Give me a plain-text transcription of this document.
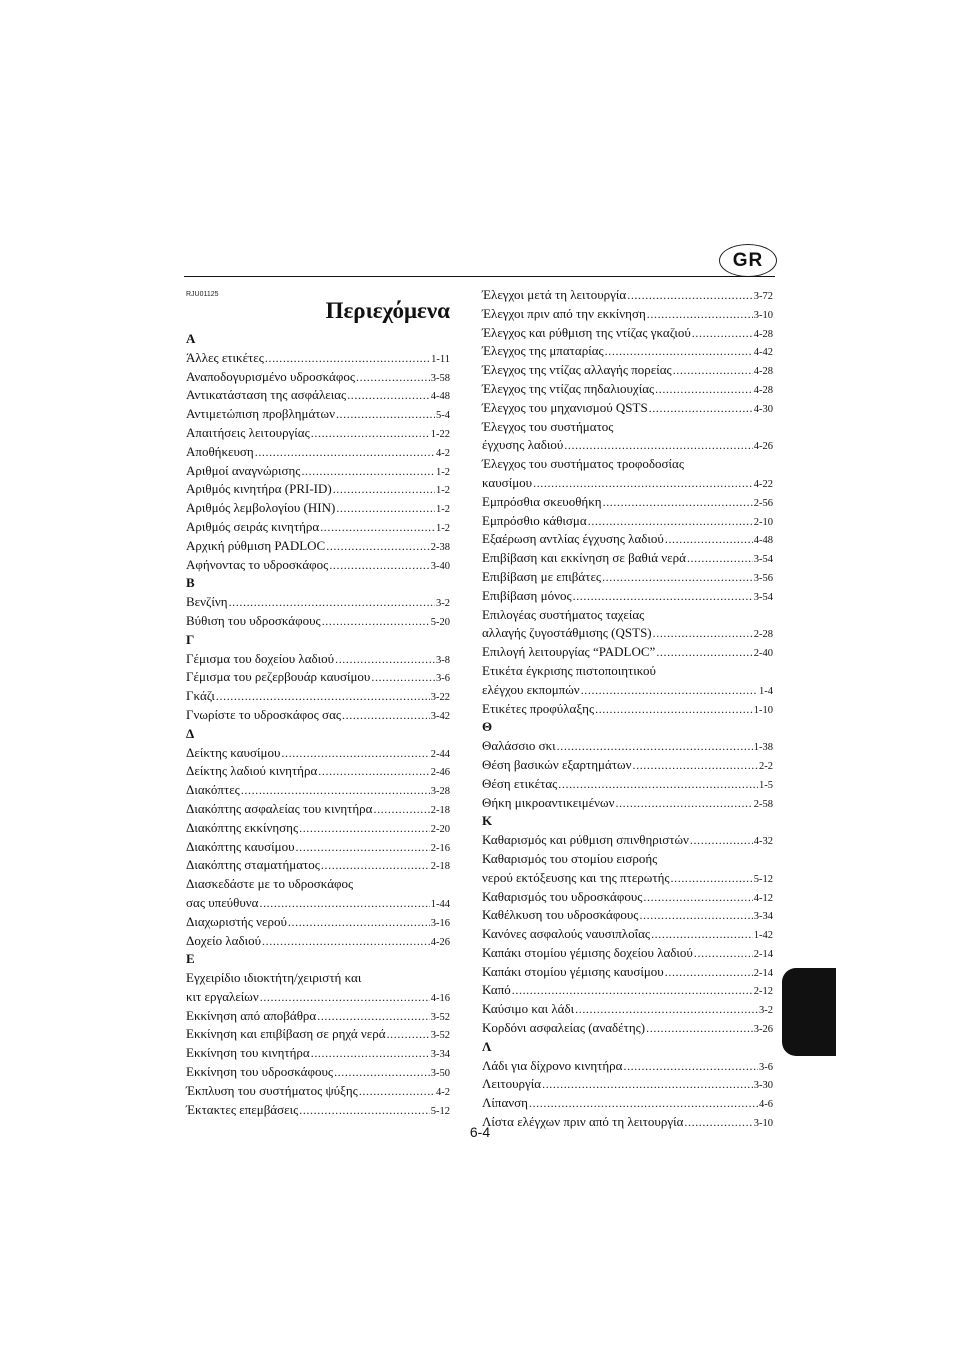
GR
RJU01125
Περιεχόμενα
Α
Άλλες ετικέτες .....	1-11
Αναποδογυρισμένο υδροσκάφος .....	3-58
Αντικατάσταση της ασφάλειας .....	4-48
Αντιμετώπιση προβλημάτων .....	5-4
Απαιτήσεις λειτουργίας .....	1-22
Αποθήκευση .....	4-2
Αριθμοί αναγνώρισης .....	1-2
Αριθμός κινητήρα (PRI-ID) .....	1-2
Αριθμός λεμβολογίου (HIN) .....	1-2
Αριθμός σειράς κινητήρα .....	1-2
Αρχική ρύθμιση PADLOC .....	2-38
Αφήνοντας το υδροσκάφος .....	3-40
Β
Βενζίνη .....	3-2
Βύθιση του υδροσκάφους .....	5-20
Γ
Γέμισμα του δοχείου λαδιού .....	3-8
Γέμισμα του ρεζερβουάρ καυσίμου .....	3-6
Γκάζι .....	3-22
Γνωρίστε το υδροσκάφος σας .....	3-42
Δ
Δείκτης καυσίμου .....	2-44
Δείκτης λαδιού κινητήρα .....	2-46
Διακόπτες .....	3-28
Διακόπτης ασφαλείας του κινητήρα .....	2-18
Διακόπτης εκκίνησης .....	2-20
Διακόπτης καυσίμου .....	2-16
Διακόπτης σταματήματος .....	2-18
Διασκεδάστε με το υδροσκάφος
σας υπεύθυνα .....	1-44
Διαχωριστής νερού .....	3-16
Δοχείο λαδιού .....	4-26
Ε
Εγχειρίδιο ιδιοκτήτη/χειριστή και
κιτ εργαλείων .....	4-16
Εκκίνηση από αποβάθρα .....	3-52
Εκκίνηση και επιβίβαση σε ρηχά νερά .....	3-52
Εκκίνηση του κινητήρα .....	3-34
Εκκίνηση του υδροσκάφους .....	3-50
Έκπλυση του συστήματος ψύξης .....	4-2
Έκτακτες επεμβάσεις .....	5-12
Έλεγχοι μετά τη λειτουργία .....	3-72
Έλεγχοι πριν από την εκκίνηση .....	3-10
Έλεγχος και ρύθμιση της ντίζας γκαζιού .....	4-28
Έλεγχος της μπαταρίας .....	4-42
Έλεγχος της ντίζας αλλαγής πορείας .....	4-28
Έλεγχος της ντίζας πηδαλιουχίας .....	4-28
Έλεγχος του μηχανισμού QSTS .....	4-30
Έλεγχος του συστήματος
έγχυσης λαδιού .....	4-26
Έλεγχος του συστήματος τροφοδοσίας
καυσίμου .....	4-22
Εμπρόσθια σκευοθήκη .....	2-56
Εμπρόσθιο κάθισμα .....	2-10
Εξαέρωση αντλίας έγχυσης λαδιού .....	4-48
Επιβίβαση και εκκίνηση σε βαθιά νερά .....	3-54
Επιβίβαση με επιβάτες .....	3-56
Επιβίβαση μόνος .....	3-54
Επιλογέας συστήματος ταχείας
αλλαγής ζυγοστάθμισης (QSTS) .....	2-28
Επιλογή λειτουργίας “PADLOC” .....	2-40
Ετικέτα έγκρισης πιστοποιητικού
ελέγχου εκπομπών .....	1-4
Ετικέτες προφύλαξης .....	1-10
Θ
Θαλάσσιο σκι .....	1-38
Θέση βασικών εξαρτημάτων .....	2-2
Θέση ετικέτας .....	1-5
Θήκη μικροαντικειμένων .....	2-58
Κ
Καθαρισμός και ρύθμιση σπινθηριστών .....	4-32
Καθαρισμός του στομίου εισροής
νερού εκτόξευσης και της πτερωτής .....	5-12
Καθαρισμός του υδροσκάφους .....	4-12
Καθέλκυση του υδροσκάφους .....	3-34
Κανόνες ασφαλούς ναυσιπλοΐας .....	1-42
Καπάκι στομίου γέμισης δοχείου λαδιού .....	2-14
Καπάκι στομίου γέμισης καυσίμου .....	2-14
Καπό .....	2-12
Καύσιμο και λάδι .....	3-2
Κορδόνι ασφαλείας (αναδέτης) .....	3-26
Λ
Λάδι για δίχρονο κινητήρα .....	3-6
Λειτουργία .....	3-30
Λίπανση .....	4-6
Λίστα ελέγχων πριν από τη λειτουργία .....	3-10
6-4
